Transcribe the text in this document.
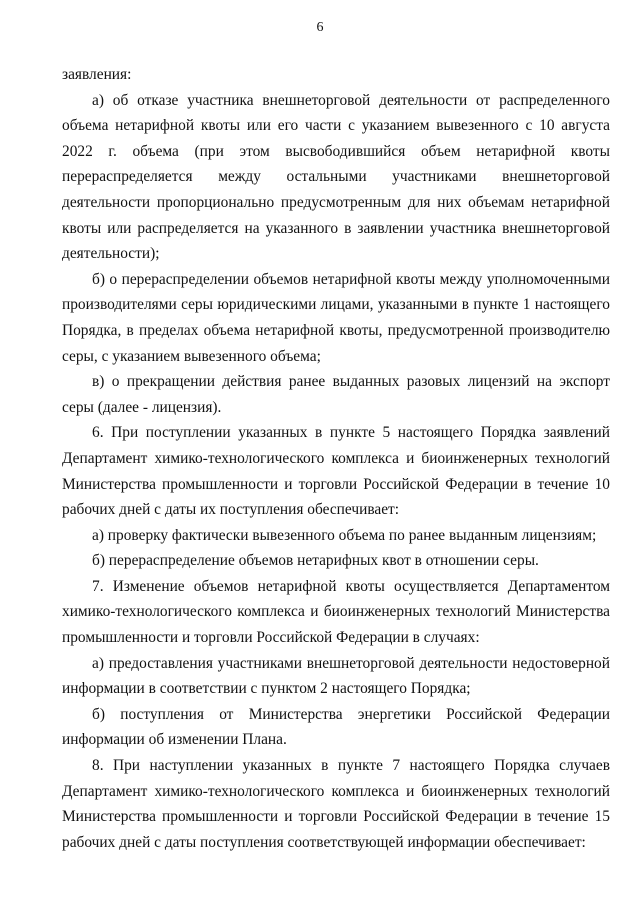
6

заявления:

а) об отказе участника внешнеторговой деятельности от распределенного объема нетарифной квоты или его части с указанием вывезенного с 10 августа 2022 г. объема (при этом высвободившийся объем нетарифной квоты перераспределяется между остальными участниками внешнеторговой деятельности пропорционально предусмотренным для них объемам нетарифной квоты или распределяется на указанного в заявлении участника внешнеторговой деятельности);

б) о перераспределении объемов нетарифной квоты между уполномоченными производителями серы юридическими лицами, указанными в пункте 1 настоящего Порядка, в пределах объема нетарифной квоты, предусмотренной производителю серы, с указанием вывезенного объема;

в) о прекращении действия ранее выданных разовых лицензий на экспорт серы (далее - лицензия).

6. При поступлении указанных в пункте 5 настоящего Порядка заявлений Департамент химико-технологического комплекса и биоинженерных технологий Министерства промышленности и торговли Российской Федерации в течение 10 рабочих дней с даты их поступления обеспечивает:

а) проверку фактически вывезенного объема по ранее выданным лицензиям;

б) перераспределение объемов нетарифных квот в отношении серы.

7. Изменение объемов нетарифной квоты осуществляется Департаментом химико-технологического комплекса и биоинженерных технологий Министерства промышленности и торговли Российской Федерации в случаях:

а) предоставления участниками внешнеторговой деятельности недостоверной информации в соответствии с пунктом 2 настоящего Порядка;

б) поступления от Министерства энергетики Российской Федерации информации об изменении Плана.

8. При наступлении указанных в пункте 7 настоящего Порядка случаев Департамент химико-технологического комплекса и биоинженерных технологий Министерства промышленности и торговли Российской Федерации в течение 15 рабочих дней с даты поступления соответствующей информации обеспечивает:
